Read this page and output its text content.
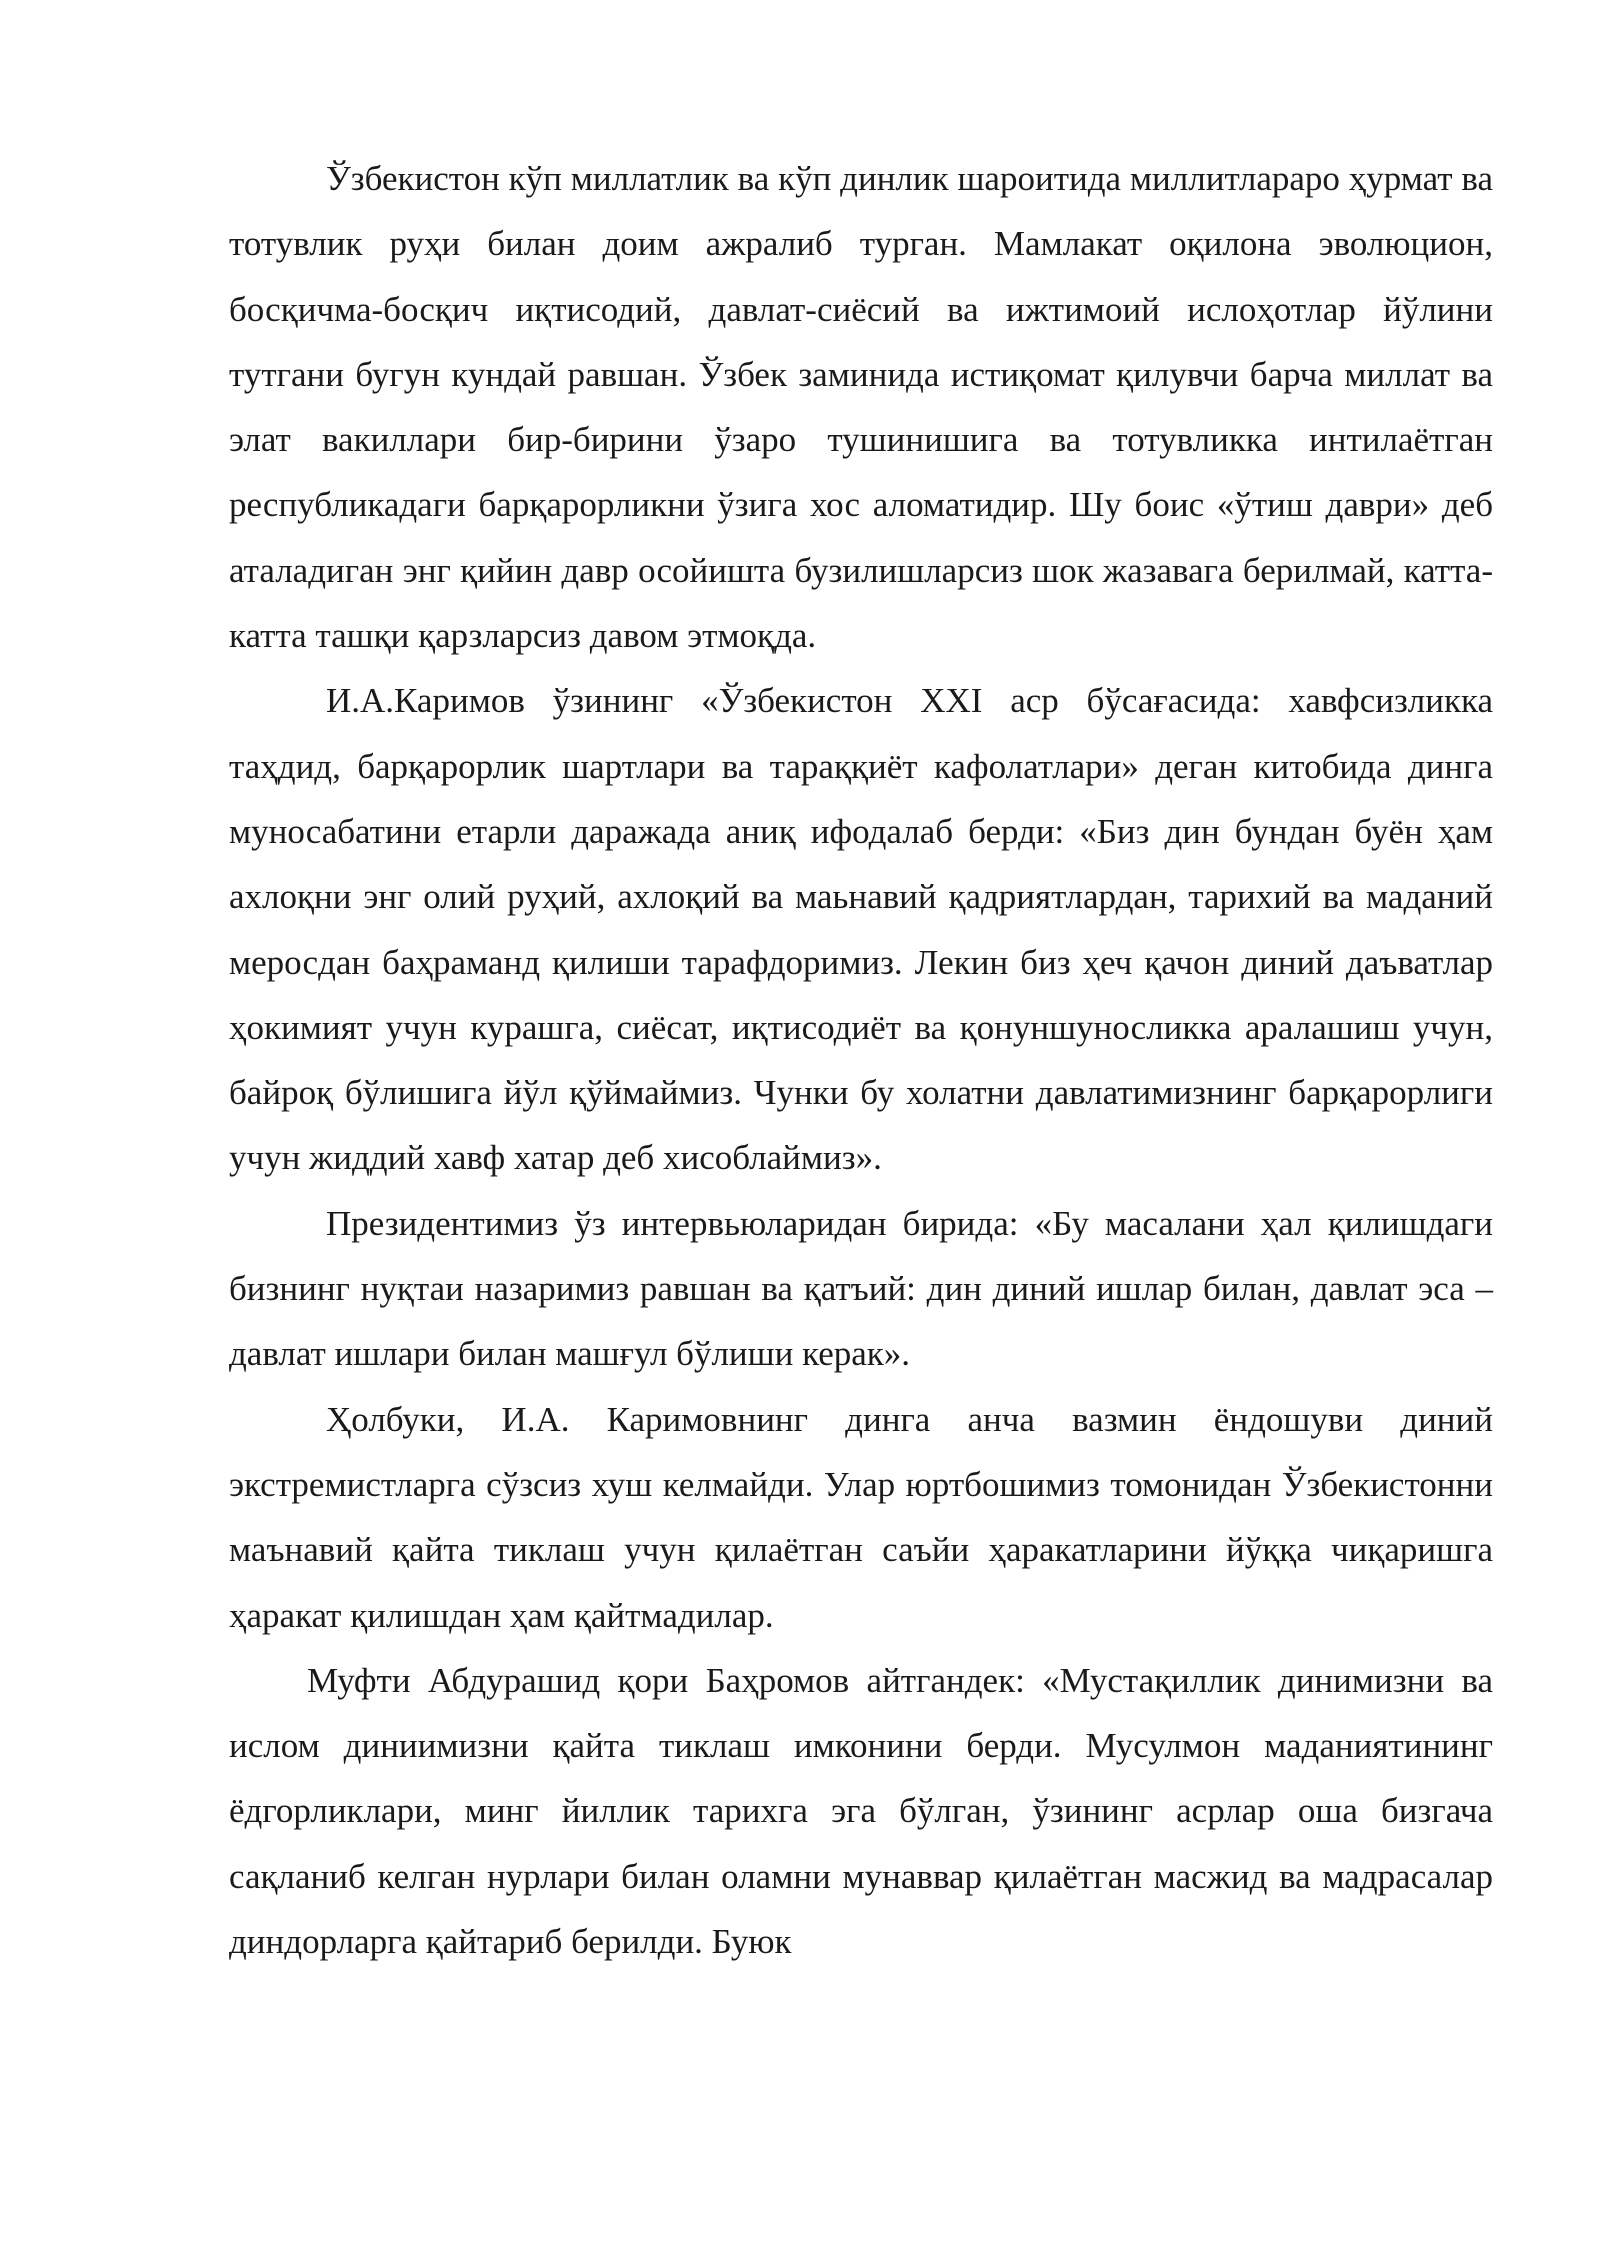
Ўзбекистон кўп миллатлик ва кўп динлик шароитида миллитлараро ҳурмат ва тотувлик руҳи билан доим ажралиб турган. Мамлакат оқилона эволюцион, босқичма-босқич иқтисодий, давлат-сиёсий ва ижтимоий ислоҳотлар йўлини тутгани бугун кундай равшан. Ўзбек заминида истиқомат қилувчи барча миллат ва элат вакиллари бир-бирини ўзаро тушинишига ва тотувликка интилаётган республикадаги барқарорликни ўзига хос аломатидир. Шу боис «ўтиш даври» деб аталадиган энг қийин давр осойишта бузилишларсиз шок жазавага берилмай, катта-катта ташқи қарзларсиз давом этмоқда.

И.А.Каримов ўзининг «Ўзбекистон XXI аср бўсағасида: хавфсизликка таҳдид, барқарорлик шартлари ва тараққиёт кафолатлари» деган китобида динга муносабатини етарли даражада аниқ ифодалаб берди: «Биз дин бундан буён ҳам ахлоқни энг олий руҳий, ахлоқий ва маьнавий қадриятлардан, тарихий ва маданий меросдан баҳраманд қилиши тарафдоримиз. Лекин биз ҳеч қачон диний даъватлар ҳокимият учун курашга, сиёсат, иқтисодиёт ва қонуншуносликка аралашиш учун, байроқ бўлишига йўл қўймаймиз. Чунки бу холатни давлатимизнинг барқарорлиги учун жиддий хавф хатар деб хисоблаймиз».

Президентимиз ўз интервьюларидан бирида: «Бу масалани ҳал қилишдаги бизнинг нуқтаи назаримиз равшан ва қатъий: дин диний ишлар билан, давлат эса –давлат ишлари билан машғул бўлиши керак».

Ҳолбуки, И.А. Каримовнинг динга анча вазмин ёндошуви диний экстремистларга сўзсиз хуш келмайди. Улар юртбошимиз томонидан Ўзбекистонни маънавий қайта тиклаш учун қилаётган саъйи ҳаракатларини йўққа чиқаришга ҳаракат қилишдан ҳам қайтмадилар.

Муфти Абдурашид қори Баҳромов айтгандек: «Мустақиллик динимизни ва ислом диниимизни қайта тиклаш имконини берди. Мусулмон маданиятининг ёдгорликлари, минг йиллик тарихга эга бўлган, ўзининг асрлар оша бизгача сақланиб келган нурлари билан оламни мунаввар қилаётган масжид ва мадрасалар диндорларга қайтариб берилди. Буюк
